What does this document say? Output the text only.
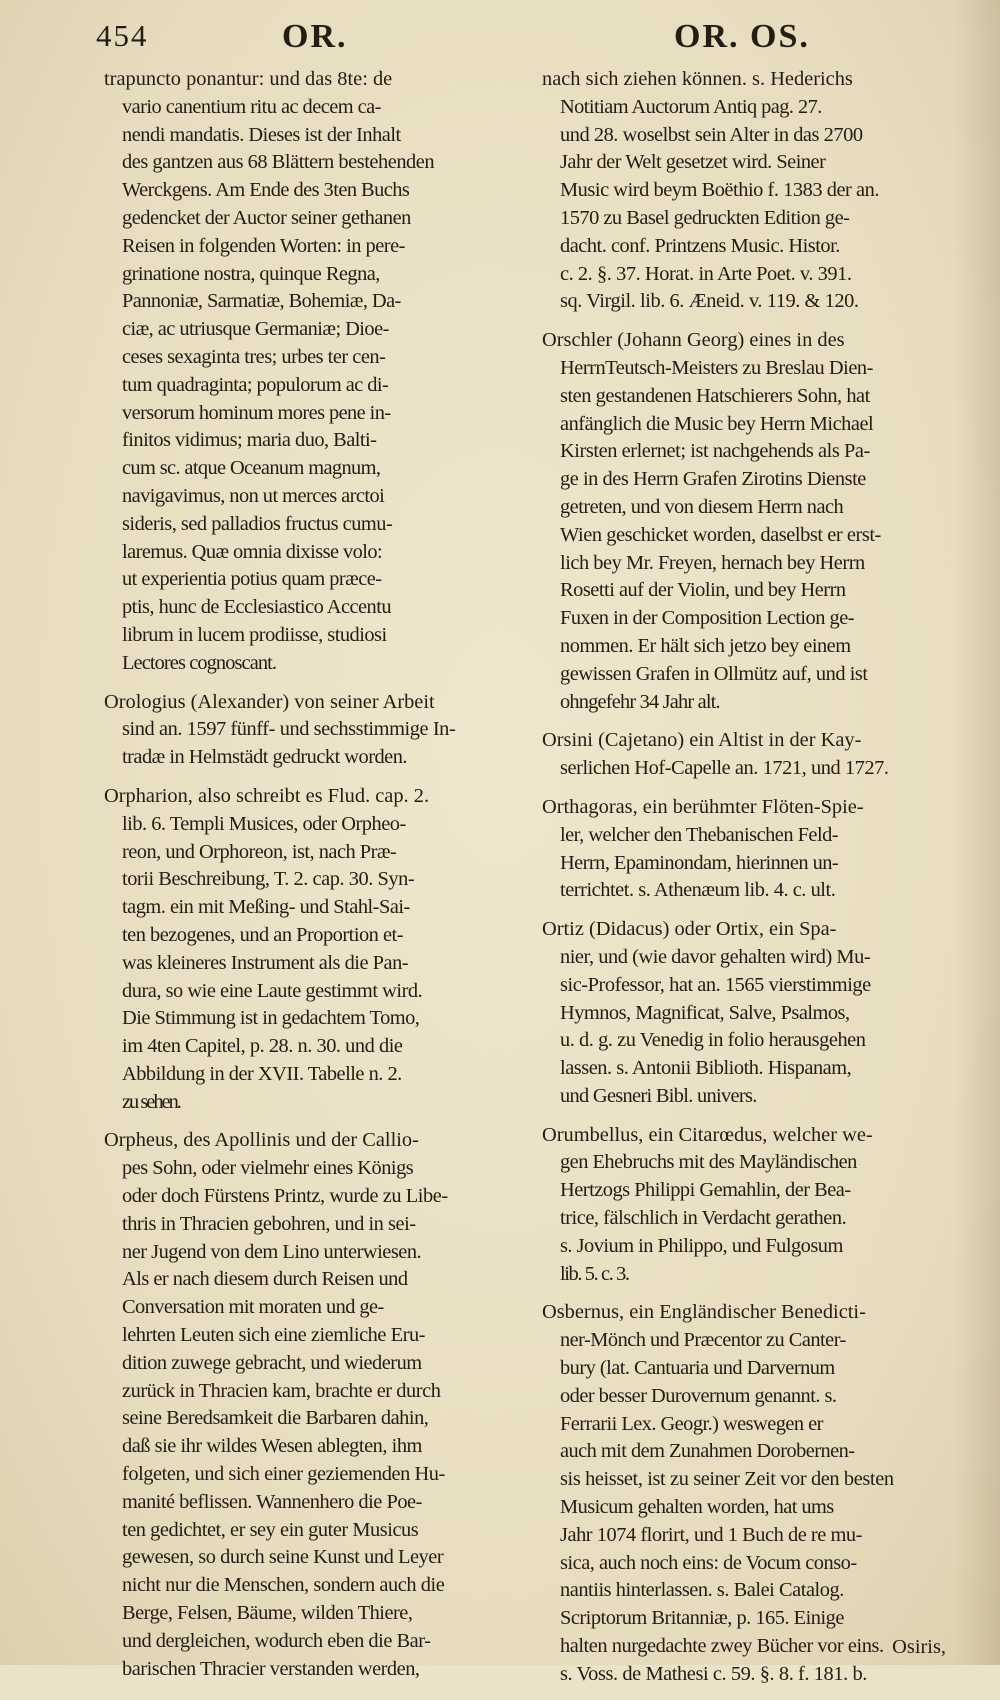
454	OR.	OR. OS.
trapuncto ponantur: und das 8te: de
vario canentium ritu ac decem ca-
nendi mandatis. Dieses ist der Inhalt
des gantzen aus 68 Blättern bestehenden
Werckgens. Am Ende des 3ten Buchs
gedencket der Auctor seiner gethanen
Reisen in folgenden Worten: in pere-
grinatione nostra, quinque Regna,
Pannoniæ, Sarmatiæ, Bohemiæ, Da-
ciæ, ac utriusque Germaniæ; Dioe-
ceses sexaginta tres; urbes ter cen-
tum quadraginta; populorum ac di-
versorum hominum mores pene in-
finitos vidimus; maria duo, Balti-
cum sc. atque Oceanum magnum,
navigavimus, non ut merces arctoi
sideris, sed palladios fructus cumu-
laremus. Quæ omnia dixisse volo:
ut experientia potius quam præce-
ptis, hunc de Ecclesiastico Accentu
librum in lucem prodiisse, studiosi
Lectores cognoscant.
Orologius (Alexander) von seiner Arbeit
sind an. 1597 fünff- und sechsstimmige In-
tradæ in Helmstädt gedruckt worden.
Orpharion, also schreibt es Flud. cap. 2.
lib. 6. Templi Musices, oder Orpheo-
reon, und Orphoreon, ist, nach Præ-
torii Beschreibung, T. 2. cap. 30. Syn-
tagm. ein mit Meßing- und Stahl-Sai-
ten bezogenes, und an Proportion et-
was kleineres Instrument als die Pan-
dura, so wie eine Laute gestimmt wird.
Die Stimmung ist in gedachtem Tomo,
im 4ten Capitel, p. 28. n. 30. und die
Abbildung in der XVII. Tabelle n. 2.
zu sehen.
Orpheus, des Apollinis und der Callio-
pes Sohn, oder vielmehr eines Königs
oder doch Fürstens Printz, wurde zu Libe-
thris in Thracien gebohren, und in sei-
ner Jugend von dem Lino unterwiesen.
Als er nach diesem durch Reisen und
Conversation mit moraten und ge-
lehrten Leuten sich eine ziemliche Eru-
dition zuwege gebracht, und wiederum
zurück in Thracien kam, brachte er durch
seine Beredsamkeit die Barbaren dahin,
daß sie ihr wildes Wesen ablegten, ihm
folgeten, und sich einer geziemenden Hu-
manité beflissen. Wannenhero die Poe-
ten gedichtet, er sey ein guter Musicus
gewesen, so durch seine Kunst und Leyer
nicht nur die Menschen, sondern auch die
Berge, Felsen, Bäume, wilden Thiere,
und dergleichen, wodurch eben die Bar-
barischen Thracier verstanden werden,
nach sich ziehen können. s. Hederichs
Notitiam Auctorum Antiq pag. 27.
und 28. woselbst sein Alter in das 2700
Jahr der Welt gesetzet wird. Seiner
Music wird beym Boëthio f. 1383 der an.
1570 zu Basel gedruckten Edition ge-
dacht. conf. Printzens Music. Histor.
c. 2. §. 37. Horat. in Arte Poet. v. 391.
sq. Virgil. lib. 6. Æneid. v. 119. & 120.
Orschler (Johann Georg) eines in des
HerrnTeutsch-Meisters zu Breslau Dien-
sten gestandenen Hatschierers Sohn, hat
anfänglich die Music bey Herrn Michael
Kirsten erlernet; ist nachgehends als Pa-
ge in des Herrn Grafen Zirotins Dienste
getreten, und von diesem Herrn nach
Wien geschicket worden, daselbst er erst-
lich bey Mr. Freyen, hernach bey Herrn
Rosetti auf der Violin, und bey Herrn
Fuxen in der Composition Lection ge-
nommen. Er hält sich jetzo bey einem
gewissen Grafen in Ollmütz auf, und ist
ohngefehr 34 Jahr alt.
Orsini (Cajetano) ein Altist in der Kay-
serlichen Hof-Capelle an. 1721, und 1727.
Orthagoras, ein berühmter Flöten-Spie-
ler, welcher den Thebanischen Feld-
Herrn, Epaminondam, hierinnen un-
terrichtet. s. Athenæum lib. 4. c. ult.
Ortiz (Didacus) oder Ortix, ein Spa-
nier, und (wie davor gehalten wird) Mu-
sic-Professor, hat an. 1565 vierstimmige
Hymnos, Magnificat, Salve, Psalmos,
u. d. g. zu Venedig in folio herausgehen
lassen. s. Antonii Biblioth. Hispanam,
und Gesneri Bibl. univers.
Orumbellus, ein Citarœdus, welcher we-
gen Ehebruchs mit des Mayländischen
Hertzogs Philippi Gemahlin, der Bea-
trice, fälschlich in Verdacht gerathen.
s. Jovium in Philippo, und Fulgosum
lib. 5. c. 3.
Osbernus, ein Engländischer Benedicti-
ner-Mönch und Præcentor zu Canter-
bury (lat. Cantuaria und Darvernum
oder besser Durovernum genannt. s.
Ferrarii Lex. Geogr.) weswegen er
auch mit dem Zunahmen Dorobernen-
sis heisset, ist zu seiner Zeit vor den besten
Musicum gehalten worden, hat ums
Jahr 1074 florirt, und 1 Buch de re mu-
sica, auch noch eins: de Vocum conso-
nantiis hinterlassen. s. Balei Catalog.
Scriptorum Britanniæ, p. 165. Einige
halten nurgedachte zwey Bücher vor eins.
s. Voss. de Mathesi c. 59. §. 8. f. 181. b.
Osiris,
